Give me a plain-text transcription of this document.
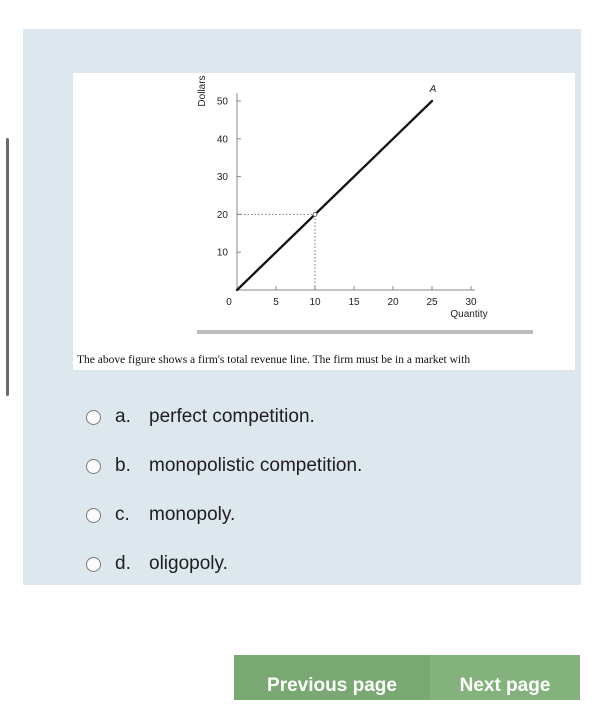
10
20
30
40
50
0	5	10	15	20	25	30
Quantity
Dollars	A

The above figure shows a firm's total revenue line. The firm must be in a market with

a. perfect competition.
b. monopolistic competition.
c.	monopoly.
d. oligopoly.
Previous page	Next page
